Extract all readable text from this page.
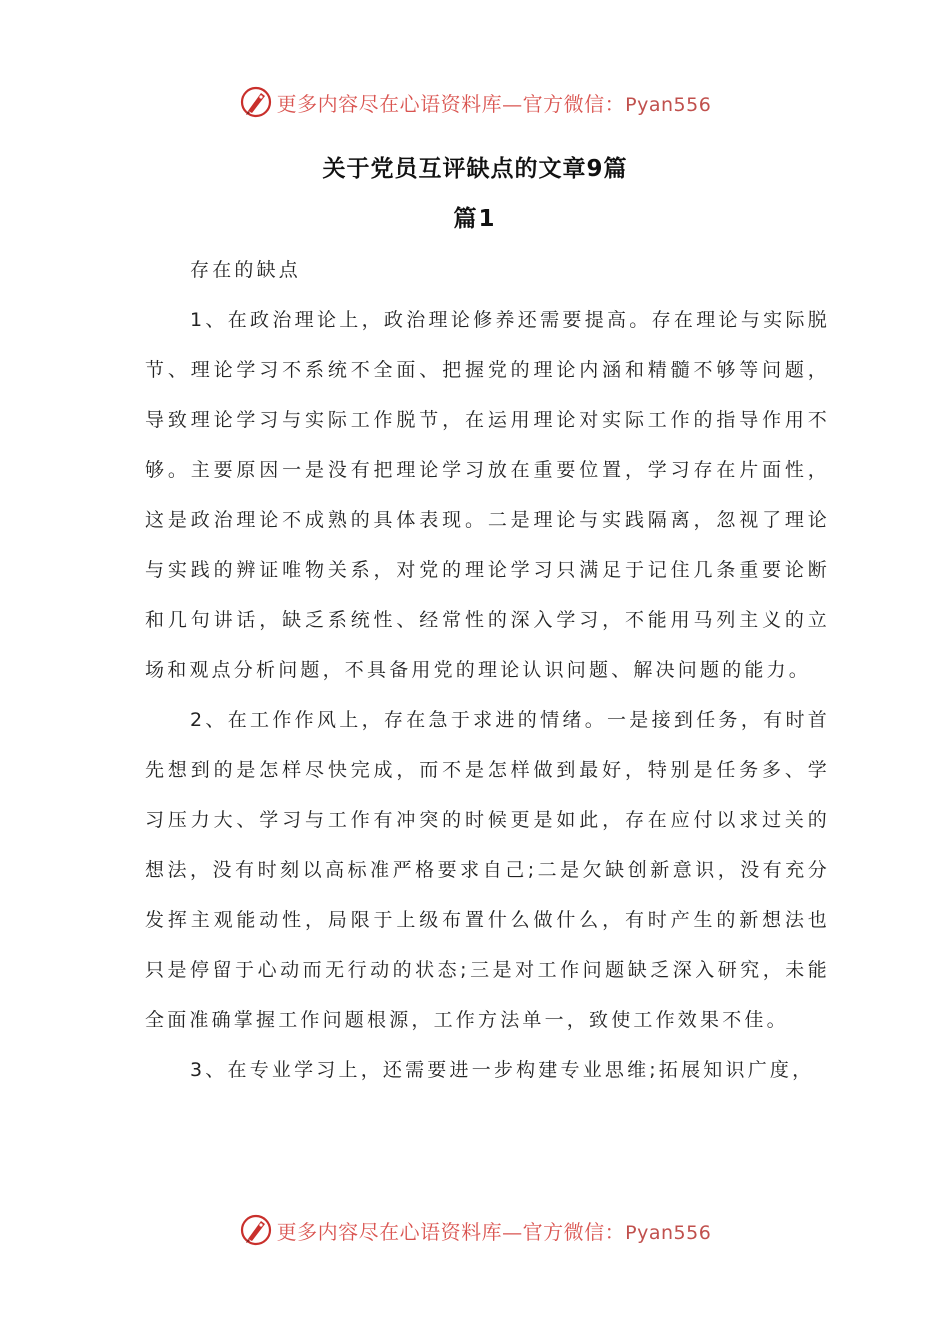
更多内容尽在心语资料库—官方微信：Pyan556
关于党员互评缺点的文章9篇
篇1

存在的缺点

1、在政治理论上，政治理论修养还需要提高。存在理论与实际脱节、理论学习不系统不全面、把握党的理论内涵和精髓不够等问题，导致理论学习与实际工作脱节，在运用理论对实际工作的指导作用不够。主要原因一是没有把理论学习放在重要位置，学习存在片面性，这是政治理论不成熟的具体表现。二是理论与实践隔离，忽视了理论与实践的辨证唯物关系，对党的理论学习只满足于记住几条重要论断和几句讲话，缺乏系统性、经常性的深入学习，不能用马列主义的立场和观点分析问题，不具备用党的理论认识问题、解决问题的能力。

2、在工作作风上，存在急于求进的情绪。一是接到任务，有时首先想到的是怎样尽快完成，而不是怎样做到最好，特别是任务多、学习压力大、学习与工作有冲突的时候更是如此，存在应付以求过关的想法，没有时刻以高标准严格要求自己;二是欠缺创新意识，没有充分发挥主观能动性，局限于上级布置什么做什么，有时产生的新想法也只是停留于心动而无行动的状态;三是对工作问题缺乏深入研究，未能全面准确掌握工作问题根源，工作方法单一，致使工作效果不佳。

3、在专业学习上，还需要进一步构建专业思维;拓展知识广度，

更多内容尽在心语资料库—官方微信：Pyan556
